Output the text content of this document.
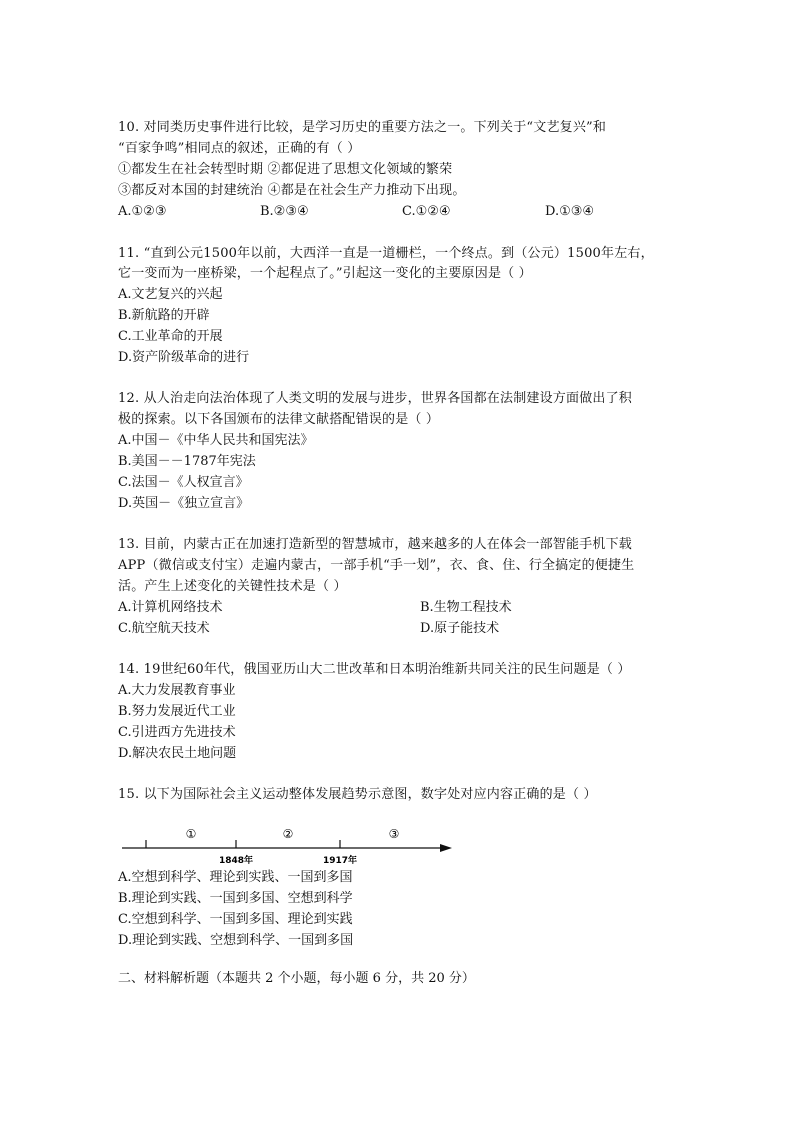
10. 对同类历史事件进行比较，是学习历史的重要方法之一。下列关于“文艺复兴”和
“百家争鸣”相同点的叙述，正确的有（ ）
①都发生在社会转型时期 ②都促进了思想文化领域的繁荣
③都反对本国的封建统治 ④都是在社会生产力推动下出现。
A.①②③	B.②③④	C.①②④	D.①③④
11. “直到公元1500年以前，大西洋一直是一道栅栏，一个终点。到（公元）1500年左右，
它一变而为一座桥梁，一个起程点了。”引起这一变化的主要原因是（ ）
A.文艺复兴的兴起
B.新航路的开辟
C.工业革命的开展
D.资产阶级革命的进行
12. 从人治走向法治体现了人类文明的发展与进步，世界各国都在法制建设方面做出了积
极的探索。以下各国颁布的法律文献搭配错误的是（ ）
A.中国－《中华人民共和国宪法》
B.美国－－1787年宪法
C.法国－《人权宣言》
D.英国－《独立宣言》
13. 目前，内蒙古正在加速打造新型的智慧城市，越来越多的人在体会一部智能手机下载
APP（微信或支付宝）走遍内蒙古，一部手机“手一划”，衣、食、住、行全搞定的便捷生
活。产生上述变化的关键性技术是（ ）
A.计算机网络技术	B.生物工程技术
C.航空航天技术	D.原子能技术
14. 19世纪60年代，俄国亚历山大二世改革和日本明治维新共同关注的民生问题是（ ）
A.大力发展教育事业
B.努力发展近代工业
C.引进西方先进技术
D.解决农民土地问题
15. 以下为国际社会主义运动整体发展趋势示意图，数字处对应内容正确的是（ ）
①	②	③
1848年	1917年
A.空想到科学、理论到实践、一国到多国
B.理论到实践、一国到多国、空想到科学
C.空想到科学、一国到多国、理论到实践
D.理论到实践、空想到科学、一国到多国
二、材料解析题（本题共 2 个小题，每小题 6 分，共 20 分）
